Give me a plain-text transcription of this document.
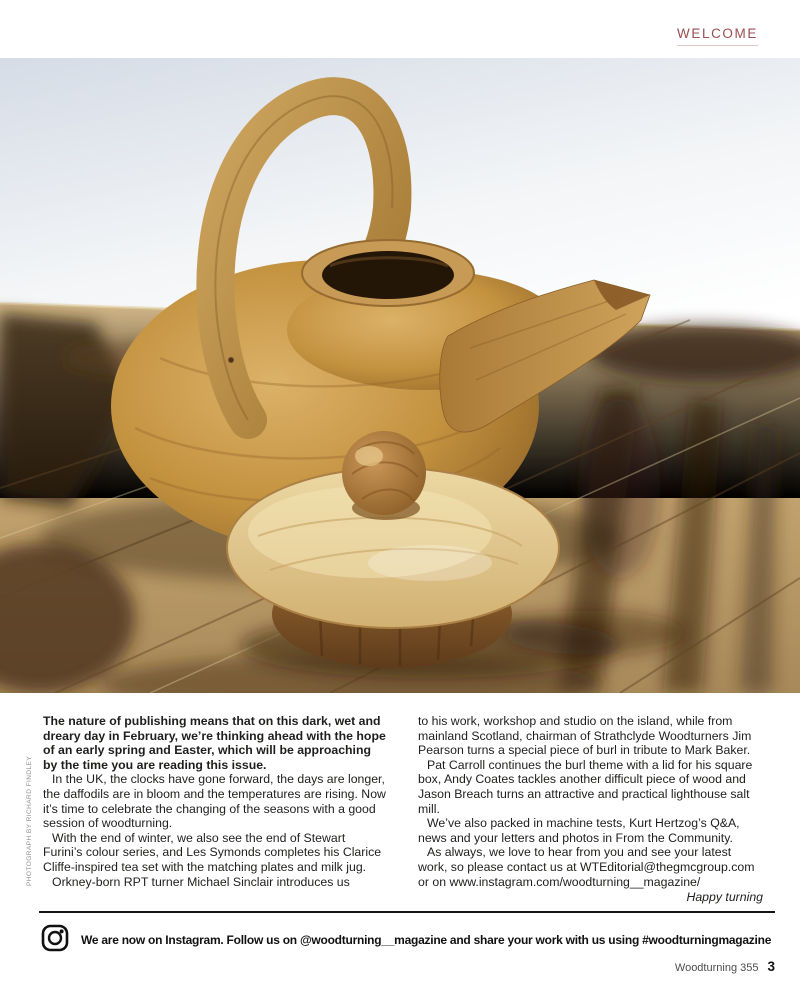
WELCOME
PHOTOGRAPH BY RICHARD FINDLEY

The nature of publishing means that on this dark, wet and dreary day in February, we’re thinking ahead with the hope of an early spring and Easter, which will be approaching by the time you are reading this issue.

In the UK, the clocks have gone forward, the days are longer, the daffodils are in bloom and the temperatures are rising. Now it’s time to celebrate the changing of the seasons with a good session of woodturning.

With the end of winter, we also see the end of Stewart Furini’s colour series, and Les Symonds completes his Clarice Cliffe-inspired tea set with the matching plates and milk jug.

Orkney-born RPT turner Michael Sinclair introduces us

to his work, workshop and studio on the island, while from mainland Scotland, chairman of Strathclyde Woodturners Jim Pearson turns a special piece of burl in tribute to Mark Baker.

Pat Carroll continues the burl theme with a lid for his square box, Andy Coates tackles another difficult piece of wood and Jason Breach turns an attractive and practical lighthouse salt mill.

We’ve also packed in machine tests, Kurt Hertzog’s Q&A, news and your letters and photos in From the Community.

As always, we love to hear from you and see your latest work, so please contact us at WTEditorial@thegmcgroup.com or on www.instagram.com/woodturning__magazine/

Happy turning

We are now on Instagram. Follow us on @woodturning__magazine and share your work with us using #woodturningmagazine
Woodturning 355 3
